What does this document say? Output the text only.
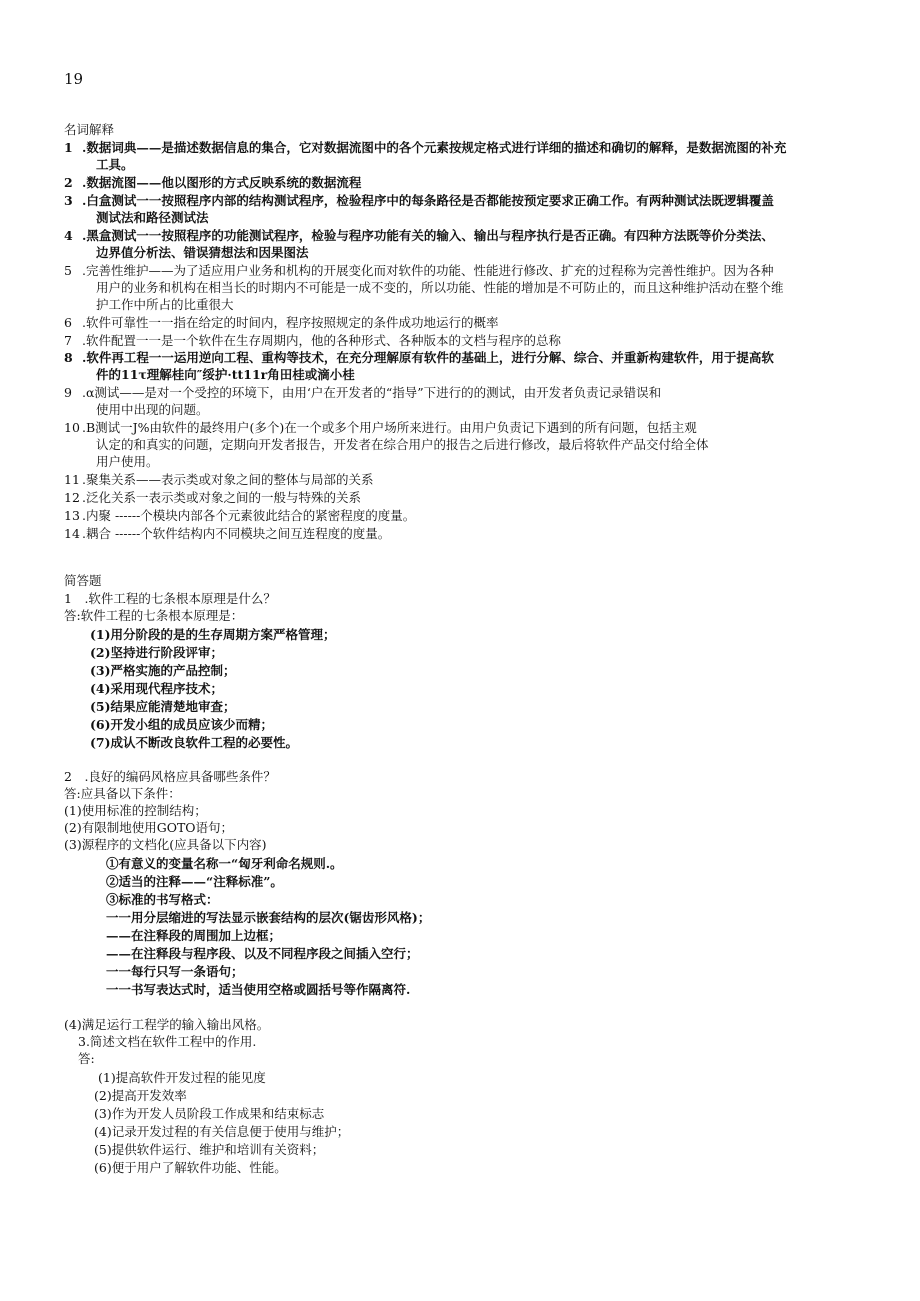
19
名词解释
1 .数据词典——是描述数据信息的集合，它对数据流图中的各个元素按规定格式进行详细的描述和确切的解释，是数据流图的补充
工具。
2 .数据流图——他以图形的方式反映系统的数据流程
3 .白盒测试一一按照程序内部的结构测试程序，检验程序中的每条路径是否都能按预定要求正确工作。有两种测试法既逻辑覆盖
测试法和路径测试法
4 .黑盒测试一一按照程序的功能测试程序，检验与程序功能有关的输入、输出与程序执行是否正确。有四种方法既等价分类法、
边界值分析法、错误猜想法和因果图法
5 .完善性维护——为了适应用户业务和机构的开展变化而对软件的功能、性能进行修改、扩充的过程称为完善性维护。因为各种
用户的业务和机构在相当长的时期内不可能是一成不变的，所以功能、性能的增加是不可防止的，而且这种维护活动在整个维
护工作中所占的比重很大
6 .软件可靠性一一指在给定的时间内，程序按照规定的条件成功地运行的概率
7 .软件配置一一是一个软件在生存周期内，他的各种形式、各种版本的文档与程序的总称
8 .软件再工程一一运用逆向工程、重构等技术，在充分理解原有软件的基础上，进行分解、综合、并重新构建软件，用于提高软
件的11τ理解桂向″绥护·tt11r角田桂或滴小桂
9 .α测试——是对一个受控的环境下，由用‘户在开发者的“指导”下进行的的测试，由开发者负责记录错误和
使用中出现的问题。
10 .B测试一J%由软件的最终用户(多个)在一个或多个用户场所来进行。由用户负责记下遇到的所有问题，包括主观
认定的和真实的问题，定期向开发者报告，开发者在综合用户的报告之后进行修改，最后将软件产品交付给全体
用户使用。
11 .聚集关系——表示类或对象之间的整体与局部的关系
12 .泛化关系一表示类或对象之间的一般与特殊的关系
13 .内聚 ------个模块内部各个元素彼此结合的紧密程度的度量。
14 .耦合 ------个软件结构内不同模块之间互连程度的度量。
简答题
1　.软件工程的七条根本原理是什么？
答:软件工程的七条根本原理是：
(1)用分阶段的是的生存周期方案严格管理；
(2)坚持进行阶段评审；
(3)严格实施的产品控制；
(4)采用现代程序技术；
(5)结果应能清楚地审查；
(6)开发小组的成员应该少而精；
(7)成认不断改良软件工程的必要性。
2　.良好的编码风格应具备哪些条件？
答:应具备以下条件：
(1)使用标准的控制结构；
(2)有限制地使用GOTO语句；
(3)源程序的文档化(应具备以下内容)
①有意义的变量名称一“匈牙利命名规则.。
②适当的注释——“注释标准”。
③标准的书写格式：
一一用分层缩进的写法显示嵌套结构的层次(锯齿形风格)；
——在注释段的周围加上边框；
——在注释段与程序段、以及不同程序段之间插入空行；
一一每行只写一条语句；
一一书写表达式时，适当使用空格或圆括号等作隔离符.
(4)满足运行工程学的输入输出风格。
3.简述文档在软件工程中的作用.
答:
(1)提高软件开发过程的能见度
(2)提高开发效率
(3)作为开发人员阶段工作成果和结束标志
(4)记录开发过程的有关信息便于使用与维护；
(5)提供软件运行、维护和培训有关资料；
(6)便于用户了解软件功能、性能。
